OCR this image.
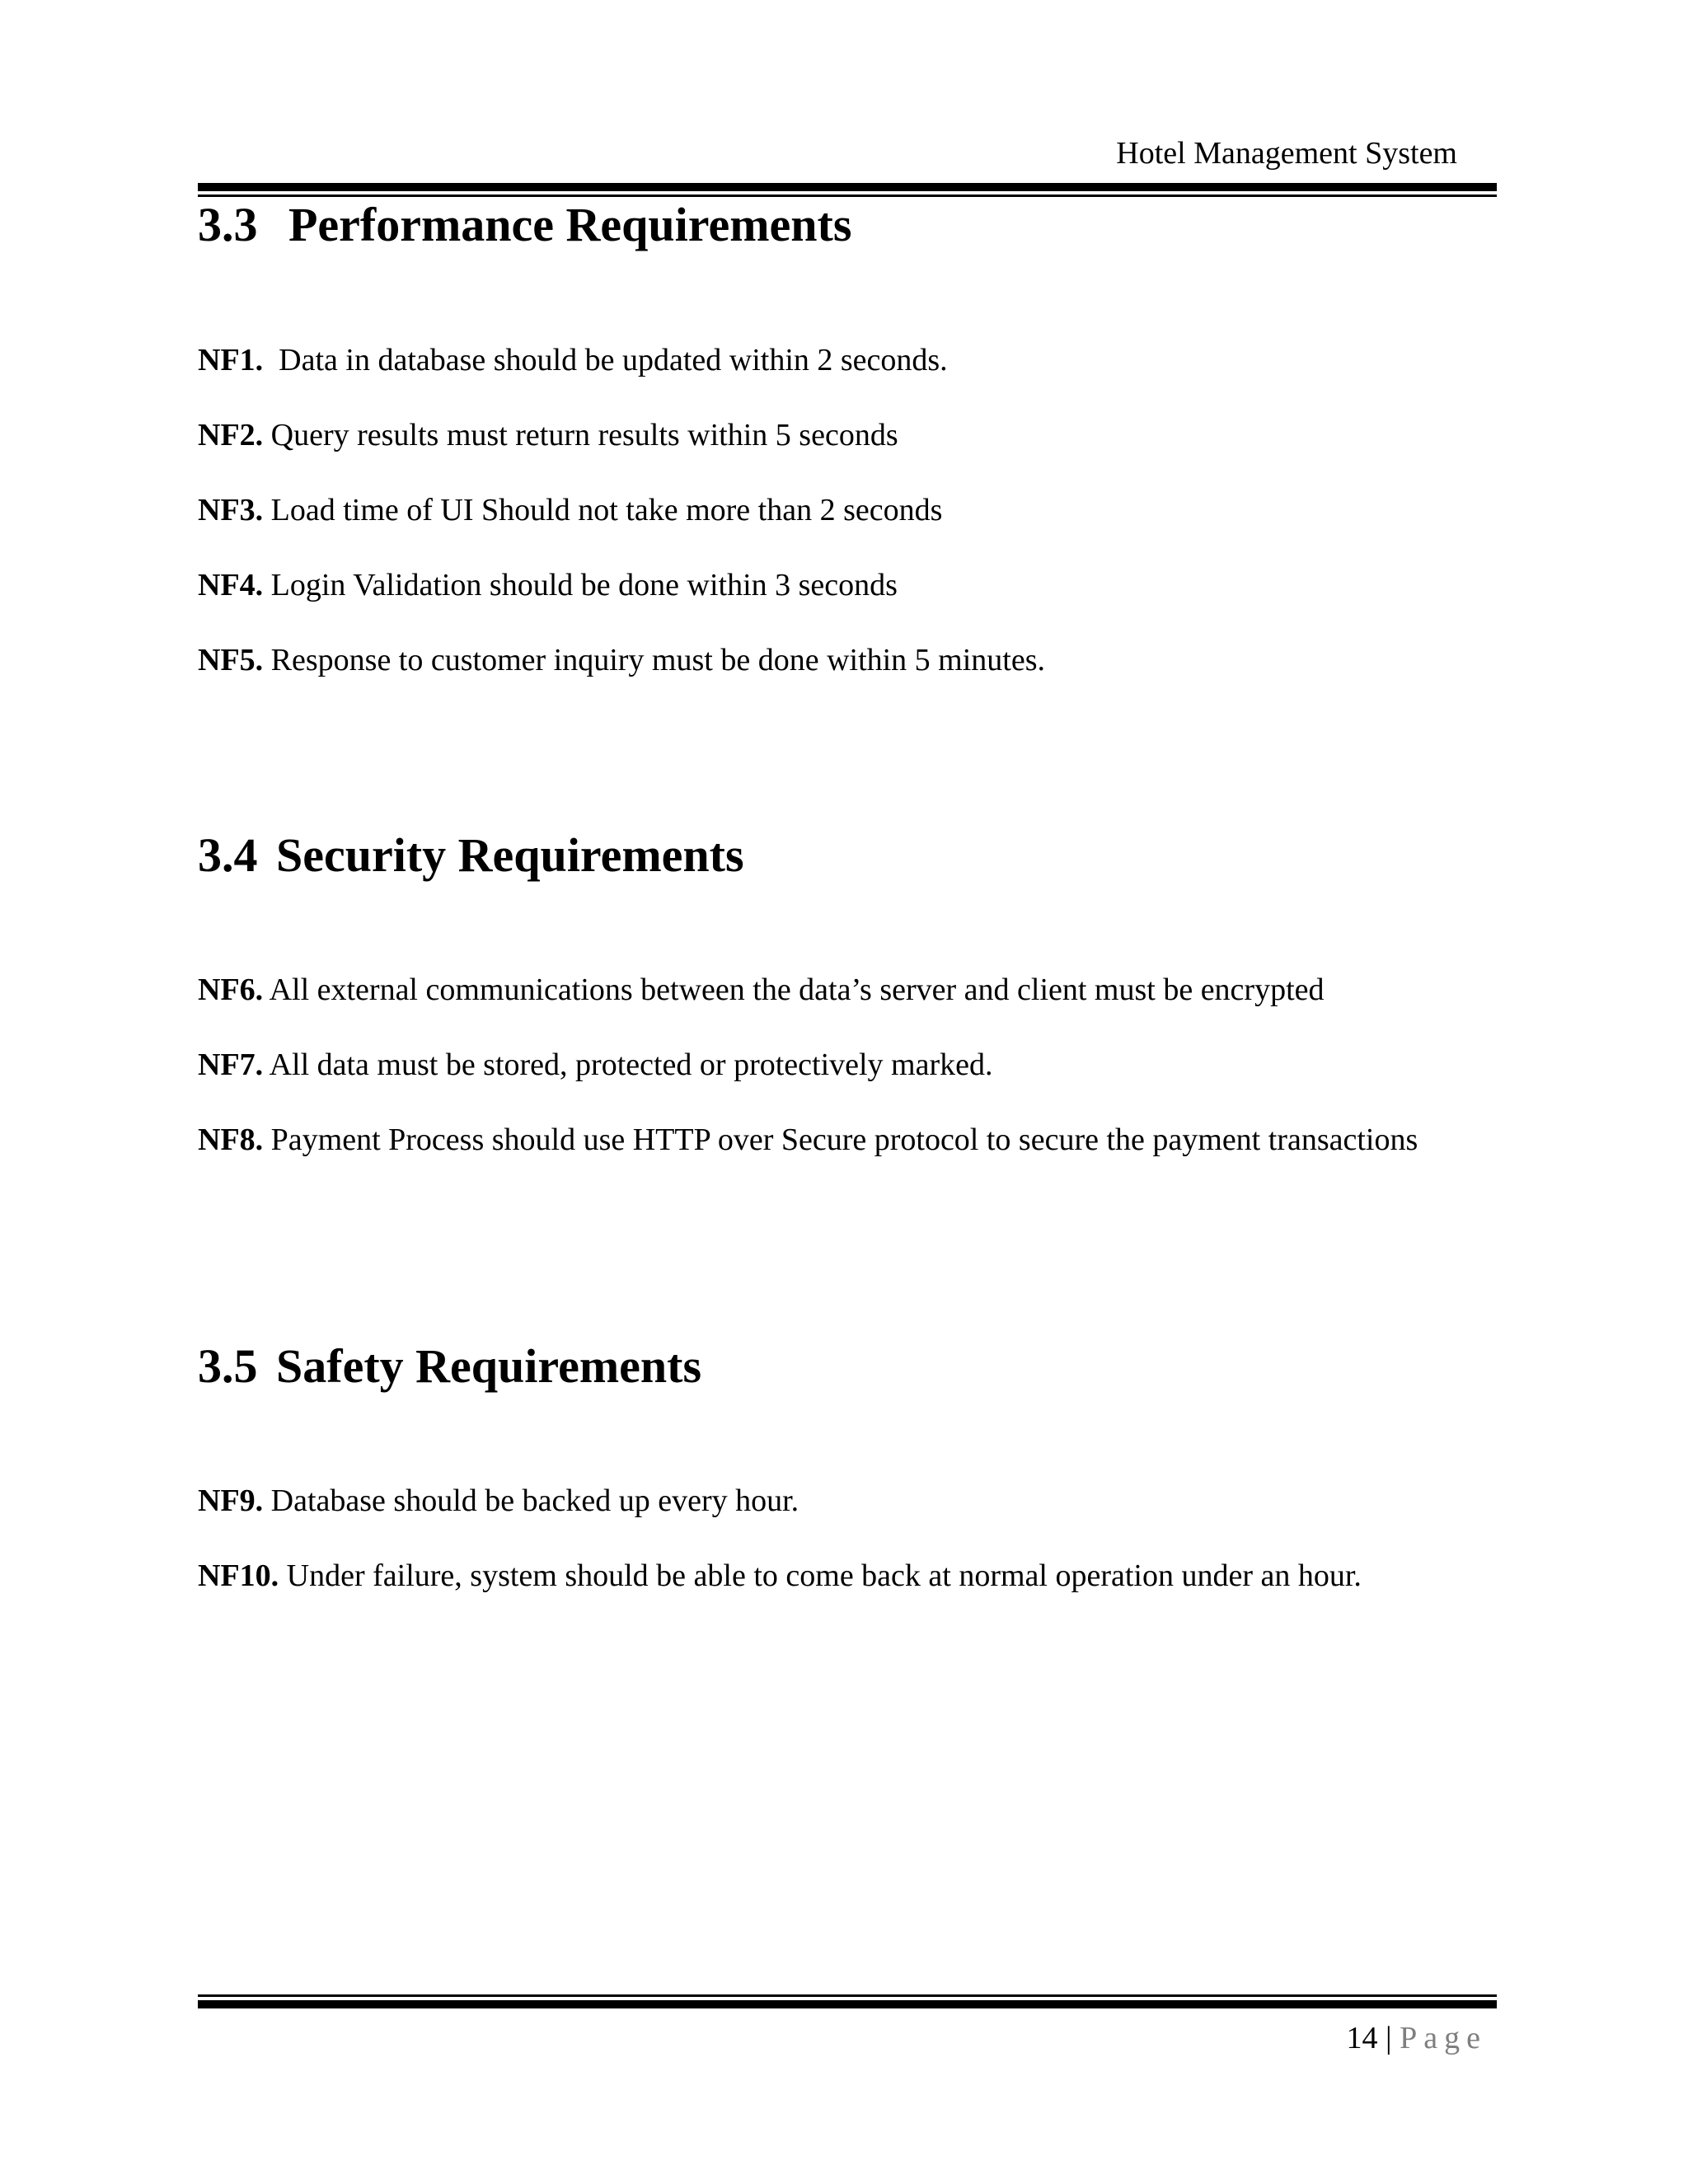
Hotel Management System
3.3 Performance Requirements
NF1. Data in database should be updated within 2 seconds.
NF2. Query results must return results within 5 seconds
NF3. Load time of UI Should not take more than 2 seconds
NF4. Login Validation should be done within 3 seconds
NF5. Response to customer inquiry must be done within 5 minutes.
3.4 Security Requirements
NF6. All external communications between the data’s server and client must be encrypted
NF7. All data must be stored, protected or protectively marked.
NF8. Payment Process should use HTTP over Secure protocol to secure the payment transactions
3.5 Safety Requirements
NF9. Database should be backed up every hour.
NF10. Under failure, system should be able to come back at normal operation under an hour.
14 | Page
